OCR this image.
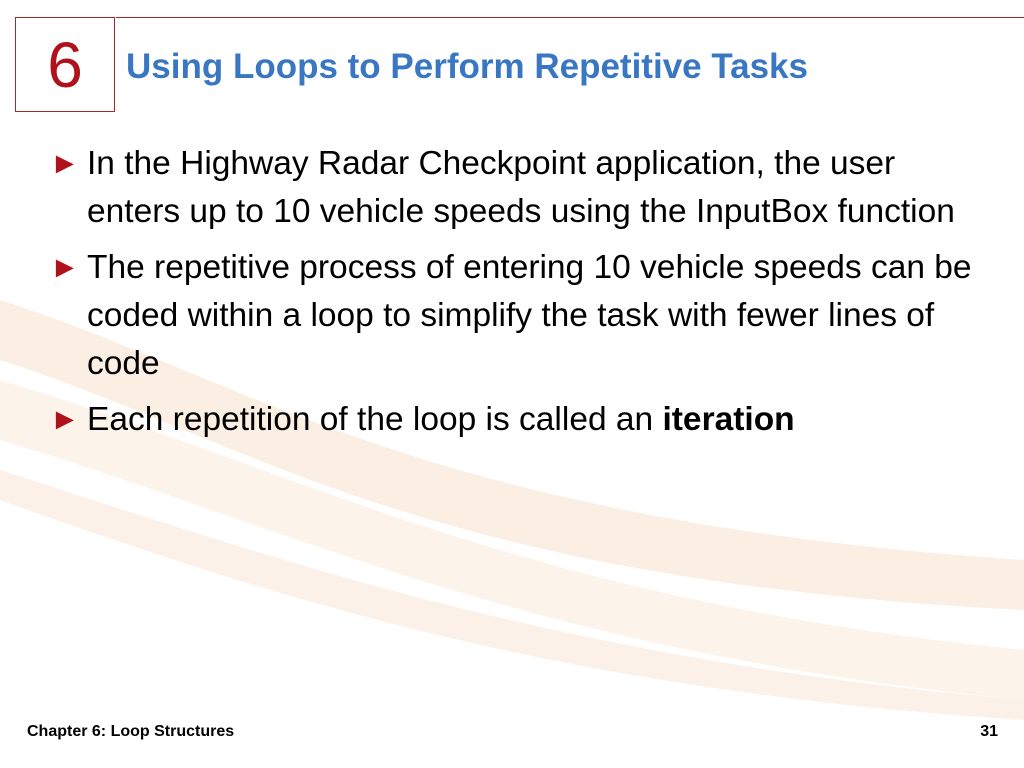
6 Using Loops to Perform Repetitive Tasks
► In the Highway Radar Checkpoint application, the user enters up to 10 vehicle speeds using the InputBox function
► The repetitive process of entering 10 vehicle speeds can be coded within a loop to simplify the task with fewer lines of code
► Each repetition of the loop is called an iteration
Chapter 6: Loop Structures	31
